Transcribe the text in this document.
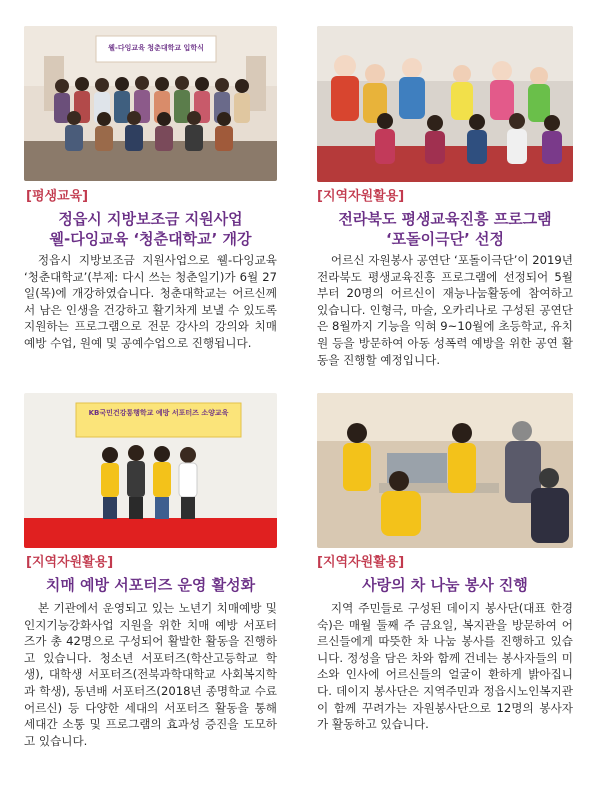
웰-다잉교육 청춘대학교 입학식
[평생교육]
정읍시 지방보조금 지원사업
웰-다잉교육 ‘청춘대학교’ 개강
정읍시 지방보조금 지원사업으로 웰-다잉교육 ‘청춘대학교’(부제: 다시 쓰는 청춘일기)가 6월 27일(목)에 개강하였습니다. 청춘대학교는 어르신께서 남은 인생을 건강하고 활기차게 보낼 수 있도록 지원하는 프로그램으로 전문 강사의 강의와 치매예방 수업, 원예 및 공예수업으로 진행됩니다.
[지역자원활용]
전라북도 평생교육진흥 프로그램
‘포돌이극단’ 선정
어르신 자원봉사 공연단 ‘포돌이극단’이 2019년 전라북도 평생교육진흥 프로그램에 선정되어 5월부터 20명의 어르신이 재능나눔활동에 참여하고 있습니다. 인형극, 마술, 오카리나로 구성된 공연단은 8월까지 기능을 익혀 9~10월에 초등학교, 유치원 등을 방문하여 아동 성폭력 예방을 위한 공연 활동을 진행할 예정입니다.
KB국민건강통행학교 예방 서포터즈 소양교육
[지역자원활용]
치매 예방 서포터즈 운영 활성화
본 기관에서 운영되고 있는 노년기 치매예방 및 인지기능강화사업 지원을 위한 치매 예방 서포터즈가 총 42명으로 구성되어 활발한 활동을 진행하고 있습니다. 청소년 서포터즈(학산고등학교 학생), 대학생 서포터즈(전북과학대학교 사회복지학과 학생), 동년배 서포터즈(2018년 종명학교 수료 어르신) 등 다양한 세대의 서포터즈 활동을 통해 세대간 소통 및 프로그램의 효과성 증진을 도모하고 있습니다.
[지역자원활용]
사랑의 차 나눔 봉사 진행
지역 주민들로 구성된 데이지 봉사단(대표 한경숙)은 매월 둘째 주 금요일, 복지관을 방문하여 어르신들에게 따뜻한 차 나눔 봉사를 진행하고 있습니다. 정성을 담은 차와 함께 건네는 봉사자들의 미소와 인사에 어르신들의 얼굴이 환하게 밝아집니다. 데이지 봉사단은 지역주민과 정읍시노인복지관이 함께 꾸려가는 자원봉사단으로 12명의 봉사자가 활동하고 있습니다.
